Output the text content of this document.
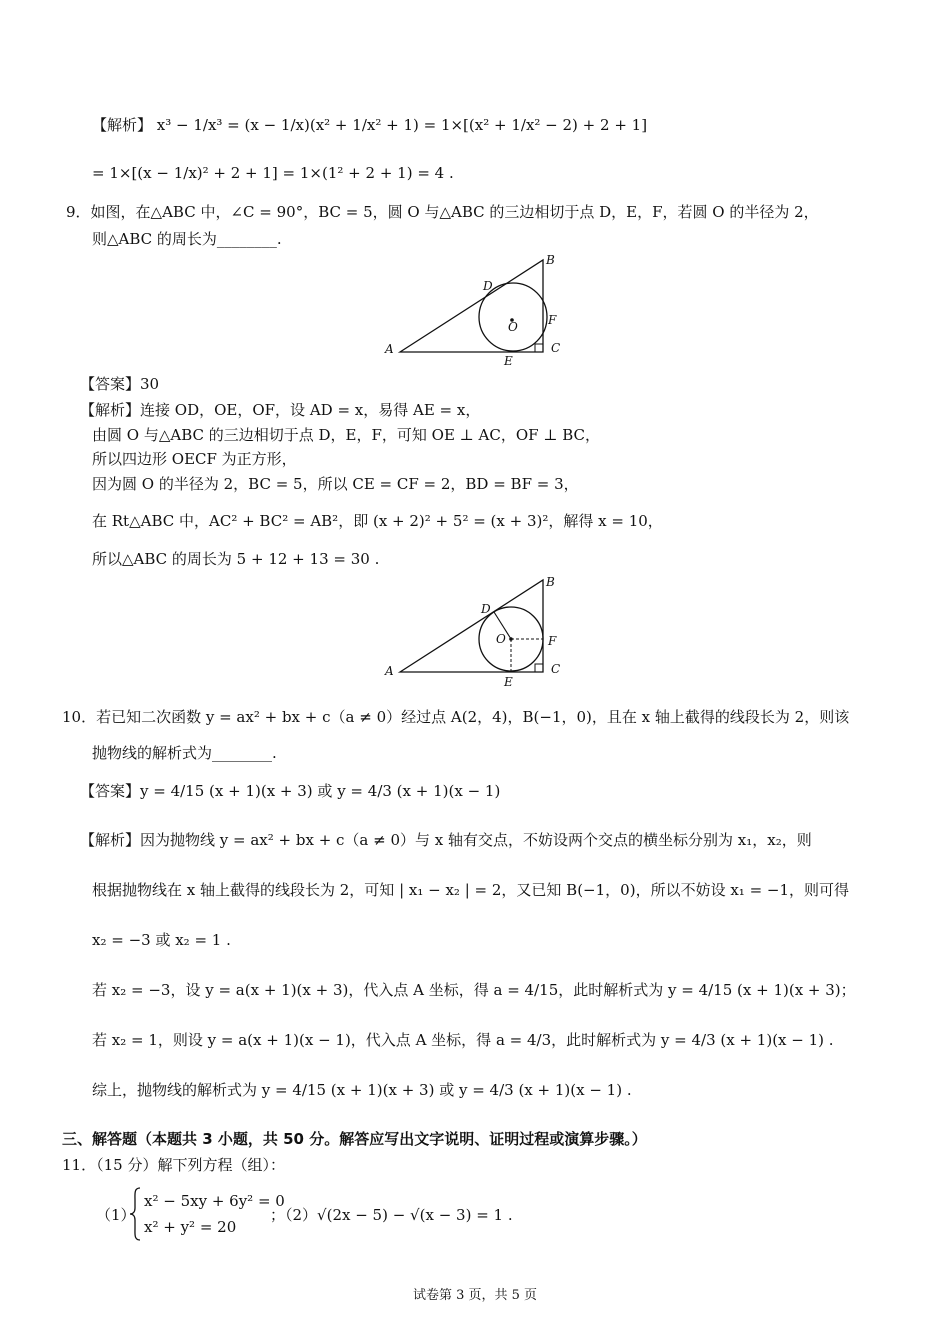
【解析】 x³ − 1/x³ = (x − 1/x)(x² + 1/x² + 1) = 1×[(x² + 1/x² − 2) + 2 + 1]
= 1×[(x − 1/x)² + 2 + 1] = 1×(1² + 2 + 1) = 4 .
9．如图，在△ABC 中，∠C = 90°，BC = 5，圆 O 与△ABC 的三边相切于点 D，E，F，若圆 O 的半径为 2，
则△ABC 的周长为________.
A
B
C
D
E
F
O
【答案】30
【解析】连接 OD，OE，OF，设 AD = x，易得 AE = x，
由圆 O 与△ABC 的三边相切于点 D，E，F，可知 OE ⊥ AC，OF ⊥ BC，
所以四边形 OECF 为正方形，
因为圆 O 的半径为 2，BC = 5，所以 CE = CF = 2，BD = BF = 3，
在 Rt△ABC 中，AC² + BC² = AB²，即 (x + 2)² + 5² = (x + 3)²，解得 x = 10，
所以△ABC 的周长为 5 + 12 + 13 = 30 .
A
B
C
D
E
F
O
10．若已知二次函数 y = ax² + bx + c（a ≠ 0）经过点 A(2，4)，B(−1，0)，且在 x 轴上截得的线段长为 2，则该
抛物线的解析式为________.
【答案】y = 4/15 (x + 1)(x + 3) 或 y = 4/3 (x + 1)(x − 1)
【解析】因为抛物线 y = ax² + bx + c（a ≠ 0）与 x 轴有交点，不妨设两个交点的横坐标分别为 x₁，x₂，则
根据抛物线在 x 轴上截得的线段长为 2，可知 | x₁ − x₂ | = 2，又已知 B(−1，0)，所以不妨设 x₁ = −1，则可得
x₂ = −3 或 x₂ = 1 .
若 x₂ = −3，设 y = a(x + 1)(x + 3)，代入点 A 坐标，得 a = 4/15，此时解析式为 y = 4/15 (x + 1)(x + 3)；
若 x₂ = 1，则设 y = a(x + 1)(x − 1)，代入点 A 坐标，得 a = 4/3，此时解析式为 y = 4/3 (x + 1)(x − 1) .
综上，抛物线的解析式为 y = 4/15 (x + 1)(x + 3) 或 y = 4/3 (x + 1)(x − 1) .
三、解答题（本题共 3 小题，共 50 分。解答应写出文字说明、证明过程或演算步骤。）
11．（15 分）解下列方程（组）：
（1）
x² − 5xy + 6y² = 0
x² + y² = 20
；（2）√(2x − 5) − √(x − 3) = 1 .
试卷第 3 页，共 5 页
